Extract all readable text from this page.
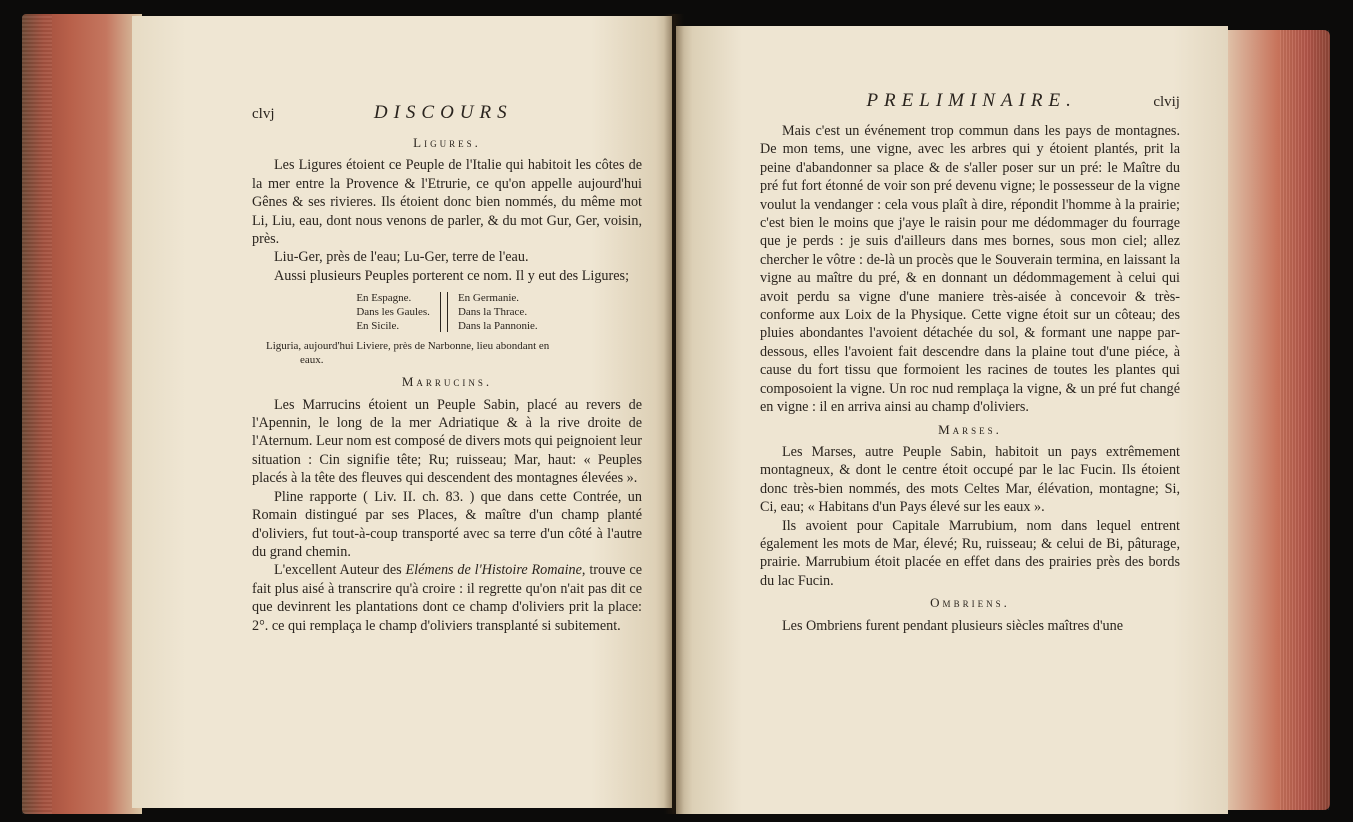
clvj	DISCOURS
Ligures.

Les Ligures étoient ce Peuple de l'Italie qui habitoit les côtes de la mer entre la Provence & l'Etrurie, ce qu'on appelle aujourd'hui Gênes & ses rivieres. Ils étoient donc bien nommés, du même mot Li, Liu, eau, dont nous venons de parler, & du mot Gur, Ger, voisin, près.

Liu-Ger, près de l'eau; Lu-Ger, terre de l'eau.

Aussi plusieurs Peuples porterent ce nom. Il y eut des Ligures;

En Espagne.
Dans les Gaules.
En Sicile.
En Germanie.
Dans la Thrace.
Dans la Pannonie.
Liguria, aujourd'hui Liviere, près de Narbonne, lieu abondant en
eaux.
Marrucins.

Les Marrucins étoient un Peuple Sabin, placé au revers de l'Apennin, le long de la mer Adriatique & à la rive droite de l'Aternum. Leur nom est composé de divers mots qui peignoient leur situation : Cin signifie tête; Ru; ruisseau; Mar, haut: « Peuples placés à la tête des fleuves qui descendent des montagnes élevées ».

Pline rapporte ( Liv. II. ch. 83. ) que dans cette Contrée, un Romain distingué par ses Places, & maître d'un champ planté d'oliviers, fut tout-à-coup transporté avec sa terre d'un côté à l'autre du grand chemin.

L'excellent Auteur des Elémens de l'Histoire Romaine, trouve ce fait plus aisé à transcrire qu'à croire : il regrette qu'on n'ait pas dit ce que devinrent les plantations dont ce champ d'oliviers prit la place: 2°. ce qui remplaça le champ d'oliviers transplanté si subitement.

PRELIMINAIRE.	clvij

Mais c'est un événement trop commun dans les pays de montagnes. De mon tems, une vigne, avec les arbres qui y étoient plantés, prit la peine d'abandonner sa place & de s'aller poser sur un pré: le Maître du pré fut fort étonné de voir son pré devenu vigne; le possesseur de la vigne voulut la vendanger : cela vous plaît à dire, répondit l'homme à la prairie; c'est bien le moins que j'aye le raisin pour me dédommager du fourrage que je perds : je suis d'ailleurs dans mes bornes, sous mon ciel; allez chercher le vôtre : de-là un procès que le Souverain termina, en laissant la vigne au maître du pré, & en donnant un dédommagement à celui qui avoit perdu sa vigne d'une maniere très-aisée à concevoir & très-conforme aux Loix de la Physique. Cette vigne étoit sur un côteau; des pluies abondantes l'avoient détachée du sol, & formant une nappe par-dessous, elles l'avoient fait descendre dans la plaine tout d'une piéce, à cause du fort tissu que formoient les racines de toutes les plantes qui composoient la vigne. Un roc nud remplaça la vigne, & un pré fut changé en vigne : il en arriva ainsi au champ d'oliviers.

Marses.

Les Marses, autre Peuple Sabin, habitoit un pays extrêmement montagneux, & dont le centre étoit occupé par le lac Fucin. Ils étoient donc très-bien nommés, des mots Celtes Mar, élévation, montagne; Si, Ci, eau; « Habitans d'un Pays élevé sur les eaux ».

Ils avoient pour Capitale Marrubium, nom dans lequel entrent également les mots de Mar, élevé; Ru, ruisseau; & celui de Bi, pâturage, prairie. Marrubium étoit placée en effet dans des prairies près des bords du lac Fucin.

Ombriens.

Les Ombriens furent pendant plusieurs siècles maîtres d'une
